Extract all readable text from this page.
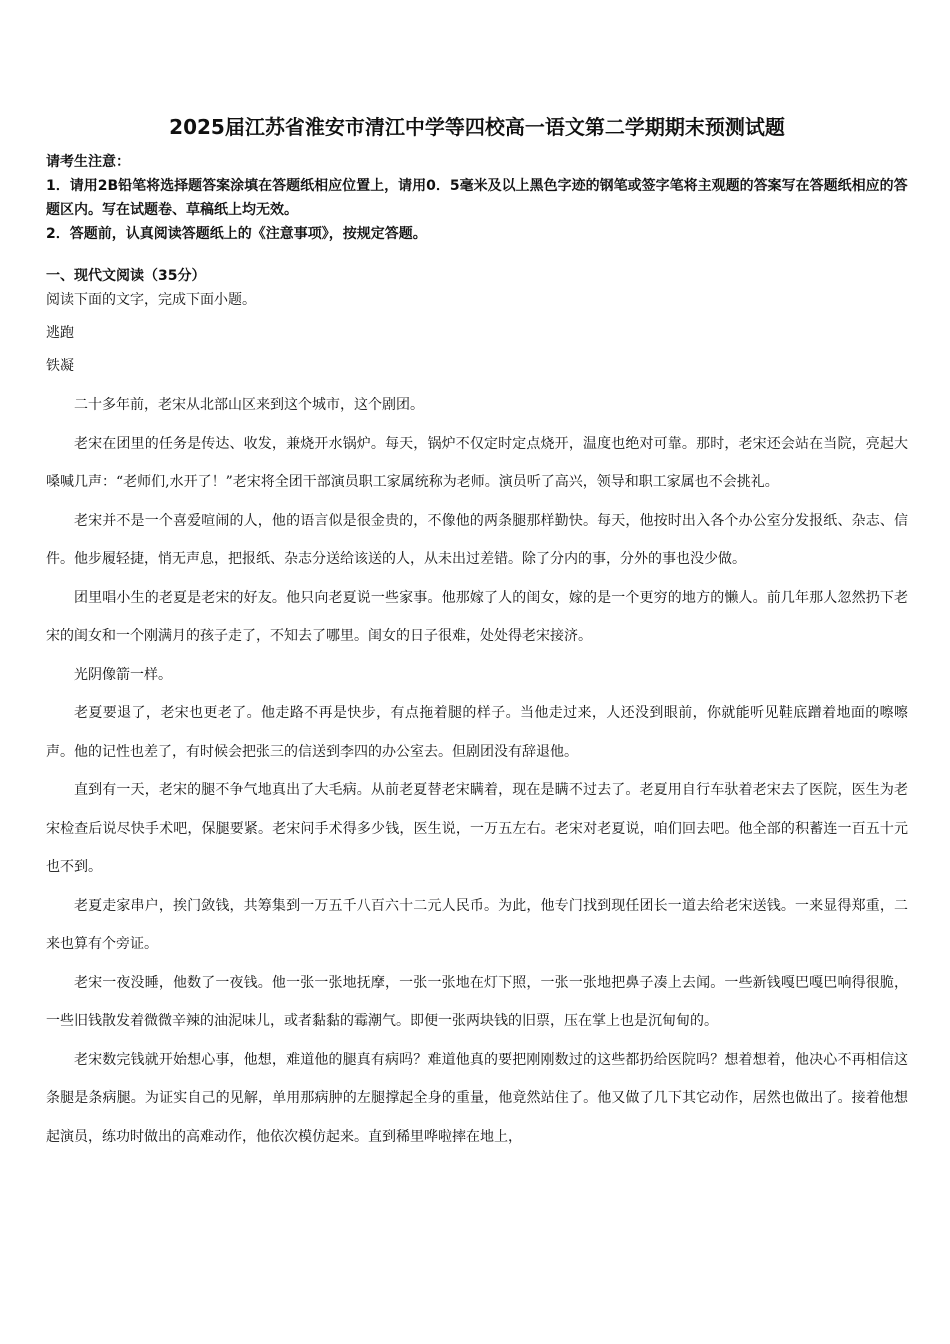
2025届江苏省淮安市清江中学等四校高一语文第二学期期末预测试题

请考生注意：

1．请用2B铅笔将选择题答案涂填在答题纸相应位置上，请用0．5毫米及以上黑色字迹的钢笔或签字笔将主观题的答案写在答题纸相应的答题区内。写在试题卷、草稿纸上均无效。

2．答题前，认真阅读答题纸上的《注意事项》，按规定答题。

一、现代文阅读（35分）

阅读下面的文字，完成下面小题。

逃跑

铁凝

二十多年前，老宋从北部山区来到这个城市，这个剧团。

老宋在团里的任务是传达、收发，兼烧开水锅炉。每天，锅炉不仅定时定点烧开，温度也绝对可靠。那时，老宋还会站在当院，亮起大嗓喊几声：“老师们,水开了！”老宋将全团干部演员职工家属统称为老师。演员听了高兴，领导和职工家属也不会挑礼。

老宋并不是一个喜爱喧闹的人，他的语言似是很金贵的，不像他的两条腿那样勤快。每天，他按时出入各个办公室分发报纸、杂志、信件。他步履轻捷，悄无声息，把报纸、杂志分送给该送的人，从未出过差错。除了分内的事，分外的事也没少做。

团里唱小生的老夏是老宋的好友。他只向老夏说一些家事。他那嫁了人的闺女，嫁的是一个更穷的地方的懒人。前几年那人忽然扔下老宋的闺女和一个刚满月的孩子走了，不知去了哪里。闺女的日子很难，处处得老宋接济。

光阴像箭一样。

老夏要退了，老宋也更老了。他走路不再是快步，有点拖着腿的样子。当他走过来，人还没到眼前，你就能听见鞋底蹭着地面的嚓嚓声。他的记性也差了，有时候会把张三的信送到李四的办公室去。但剧团没有辞退他。

直到有一天，老宋的腿不争气地真出了大毛病。从前老夏替老宋瞒着，现在是瞒不过去了。老夏用自行车驮着老宋去了医院，医生为老宋检查后说尽快手术吧，保腿要紧。老宋问手术得多少钱，医生说，一万五左右。老宋对老夏说，咱们回去吧。他全部的积蓄连一百五十元也不到。

老夏走家串户，挨门敛钱，共筹集到一万五千八百六十二元人民币。为此，他专门找到现任团长一道去给老宋送钱。一来显得郑重，二来也算有个旁证。

老宋一夜没睡，他数了一夜钱。他一张一张地抚摩，一张一张地在灯下照，一张一张地把鼻子凑上去闻。一些新钱嘎巴嘎巴响得很脆，一些旧钱散发着微微辛辣的油泥味儿，或者黏黏的霉潮气。即便一张两块钱的旧票，压在掌上也是沉甸甸的。

老宋数完钱就开始想心事，他想，难道他的腿真有病吗？难道他真的要把刚刚数过的这些都扔给医院吗？想着想着，他决心不再相信这条腿是条病腿。为证实自己的见解，单用那病肿的左腿撑起全身的重量，他竟然站住了。他又做了几下其它动作，居然也做出了。接着他想起演员，练功时做出的高难动作，他依次模仿起来。直到稀里哗啦摔在地上，
